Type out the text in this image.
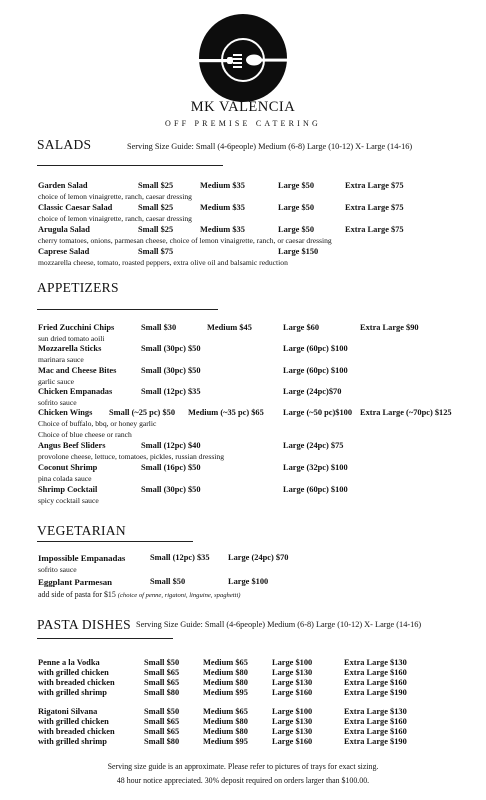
MK VALENCIA
OFF PREMISE CATERING
SALADS	Serving Size Guide: Small (4-6people) Medium (6-8) Large (10-12) X- Large (14-16)
Garden Salad	Small $25	Medium $35	Large $50	Extra Large $75
choice of lemon vinaigrette, ranch, caesar dressing
Classic Caesar Salad	Small $25	Medium $35	Large $50	Extra Large $75
choice of lemon vinaigrette, ranch, caesar dressing
Arugula Salad	Small $25	Medium $35	Large $50	Extra Large $75
cherry tomatoes, onions, parmesan cheese, choice of lemon vinaigrette, ranch, or caesar dressing
Caprese Salad	Small $75	Large $150
mozzarella cheese, tomato, roasted peppers, extra olive oil and balsamic reduction
APPETIZERS
Fried Zucchini Chips	Small $30	Medium $45	Large $60	Extra Large $90
sun dried tomato aoili
Mozzarella Sticks	Small (30pc) $50	Large (60pc) $100
marinara sauce
Mac and Cheese Bites	Small (30pc) $50	Large (60pc) $100
garlic sauce
Chicken Empanadas	Small (12pc) $35	Large (24pc)$70
sofrito sauce
Chicken Wings Small (~25 pc) $50 Medium (~35 pc) $65 Large (~50 pc)$100 Extra Large (~70pc) $125
Choice of buffalo, bbq, or honey garlic
Choice of blue cheese or ranch
Angus Beef Sliders	Small (12pc) $40	Large (24pc) $75
provolone cheese, lettuce, tomatoes, pickles, russian dressing
Coconut Shrimp	Small (16pc) $50	Large (32pc) $100
pina colada sauce
Shrimp Cocktail	Small (30pc) $50	Large (60pc) $100
spicy cocktail sauce
VEGETARIAN
Impossible Empanadas	Small (12pc) $35 Large (24pc) $70
sofrito sauce
Eggplant Parmesan	Small $50	Large $100
add side of pasta for $15 (choice of penne, rigatoni, linguine, spaghetti)
PASTA DISHES Serving Size Guide: Small (4-6people) Medium (6-8) Large (10-12) X- Large (14-16)
Penne a la Vodka	Small $50	Medium $65	Large $100	Extra Large $130
with grilled chicken	Small $65	Medium $80	Large $130	Extra Large $160
with breaded chicken	Small $65	Medium $80	Large $130	Extra Large $160
with grilled shrimp	Small $80	Medium $95	Large $160	Extra Large $190
Rigatoni Silvana	Small $50	Medium $65	Large $100	Extra Large $130
with grilled chicken	Small $65	Medium $80	Large $130	Extra Large $160
with breaded chicken	Small $65	Medium $80	Large $130	Extra Large $160
with grilled shrimp	Small $80	Medium $95	Large $160	Extra Large $190
Serving size guide is an approximate. Please refer to pictures of trays for exact sizing.
48 hour notice appreciated. 30% deposit required on orders larger than $100.00.
